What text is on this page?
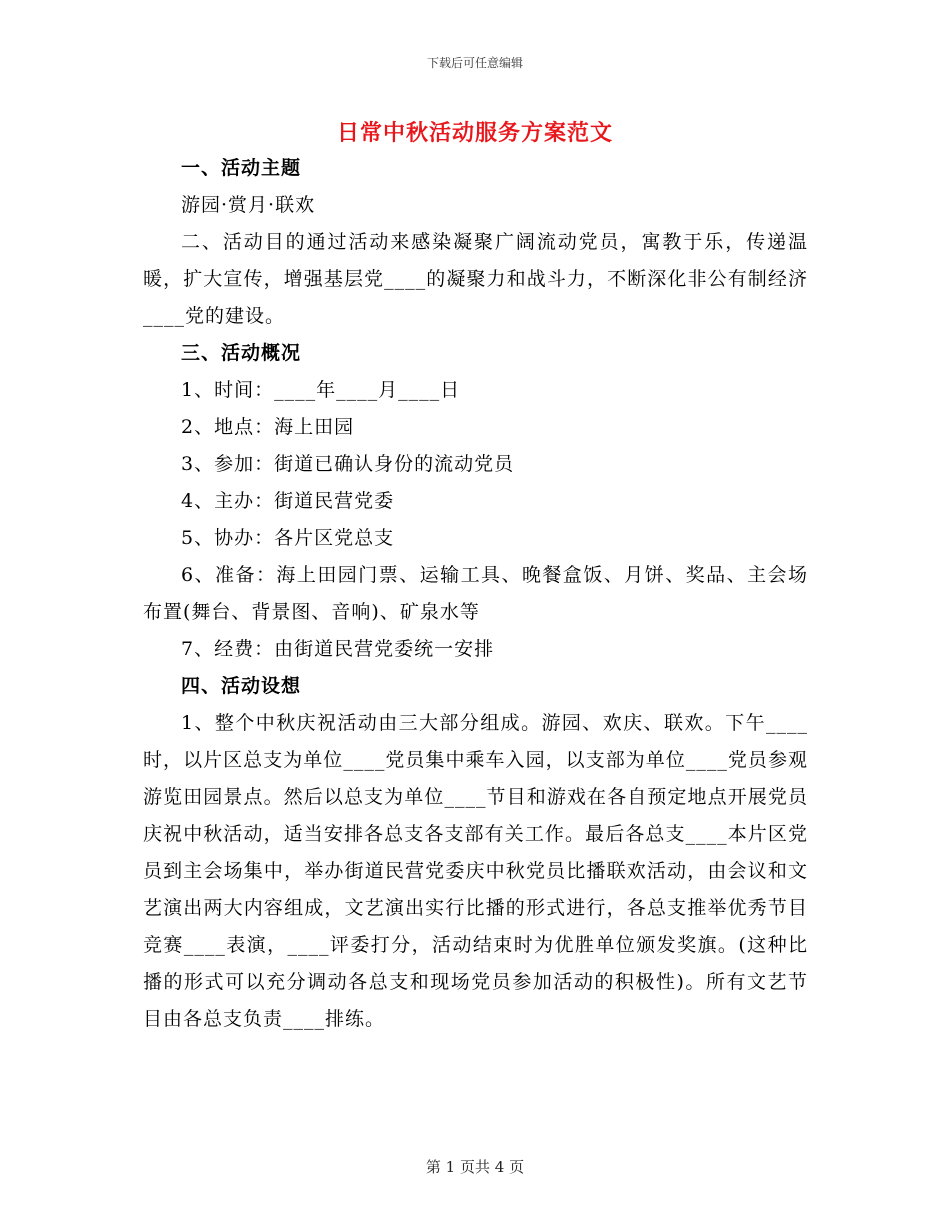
下载后可任意编辑
日常中秋活动服务方案范文

一、活动主题

游园·赏月·联欢

二、活动目的通过活动来感染凝聚广阔流动党员，寓教于乐，传递温暖，扩大宣传，增强基层党____的凝聚力和战斗力，不断深化非公有制经济____党的建设。

三、活动概况

1、时间：____年____月____日

2、地点：海上田园

3、参加：街道已确认身份的流动党员

4、主办：街道民营党委

5、协办：各片区党总支

6、准备：海上田园门票、运输工具、晚餐盒饭、月饼、奖品、主会场布置(舞台、背景图、音响)、矿泉水等

7、经费：由街道民营党委统一安排

四、活动设想

1、整个中秋庆祝活动由三大部分组成。游园、欢庆、联欢。下午____时，以片区总支为单位____党员集中乘车入园，以支部为单位____党员参观游览田园景点。然后以总支为单位____节目和游戏在各自预定地点开展党员庆祝中秋活动，适当安排各总支各支部有关工作。最后各总支____本片区党员到主会场集中，举办街道民营党委庆中秋党员比播联欢活动，由会议和文艺演出两大内容组成，文艺演出实行比播的形式进行，各总支推举优秀节目竞赛____表演，____评委打分，活动结束时为优胜单位颁发奖旗。(这种比播的形式可以充分调动各总支和现场党员参加活动的积极性)。所有文艺节目由各总支负责____排练。

第 1 页共 4 页
